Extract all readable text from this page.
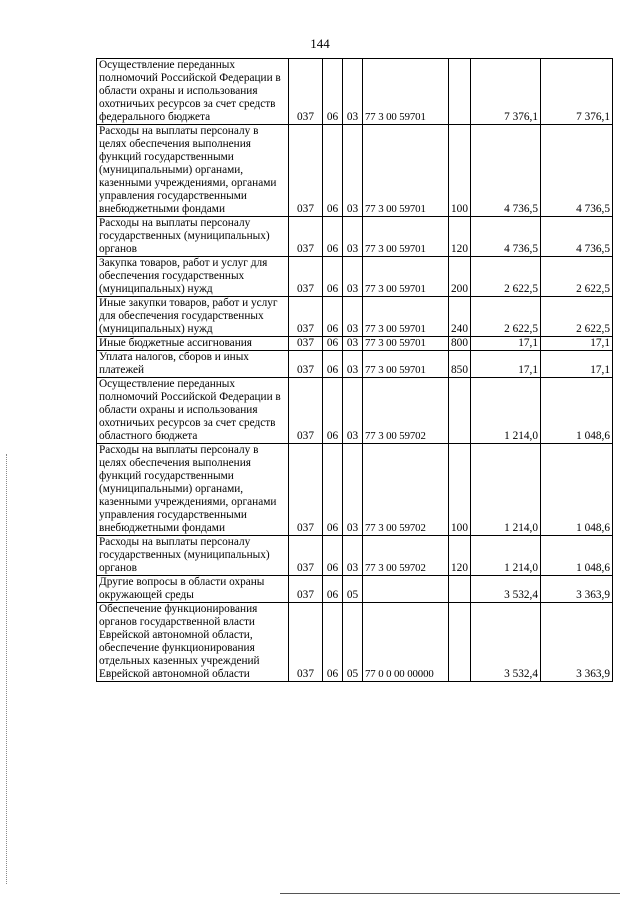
144
Осуществление переданных полномочий Российской Федерации в области охраны и использования охотничьих ресурсов за счет средств федерального бюджета	037	06	03	77 3 00 59701		7 376,1	7 376,1
Расходы на выплаты персоналу в целях обеспечения выполнения функций государственными (муниципальными) органами, казенными учреждениями, органами управления государственными внебюджетными фондами	037	06	03	77 3 00 59701	100	4 736,5	4 736,5
Расходы на выплаты персоналу государственных (муниципальных) органов	037	06	03	77 3 00 59701	120	4 736,5	4 736,5
Закупка товаров, работ и услуг для обеспечения государственных (муниципальных) нужд	037	06	03	77 3 00 59701	200	2 622,5	2 622,5
Иные закупки товаров, работ и услуг для обеспечения государственных (муниципальных) нужд	037	06	03	77 3 00 59701	240	2 622,5	2 622,5
Иные бюджетные ассигнования	037	06	03	77 3 00 59701	800	17,1	17,1
Уплата налогов, сборов и иных платежей	037	06	03	77 3 00 59701	850	17,1	17,1
Осуществление переданных полномочий Российской Федерации в области охраны и использования охотничьих ресурсов за счет средств областного бюджета	037	06	03	77 3 00 59702		1 214,0	1 048,6
Расходы на выплаты персоналу в целях обеспечения выполнения функций государственными (муниципальными) органами, казенными учреждениями, органами управления государственными внебюджетными фондами	037	06	03	77 3 00 59702	100	1 214,0	1 048,6
Расходы на выплаты персоналу государственных (муниципальных) органов	037	06	03	77 3 00 59702	120	1 214,0	1 048,6
Другие вопросы в области охраны окружающей среды	037	06	05			3 532,4	3 363,9
Обеспечение функционирования органов государственной власти Еврейской автономной области, обеспечение функционирования отдельных казенных учреждений Еврейской автономной области	037	06	05	77 0 0 00 00000		3 532,4	3 363,9
